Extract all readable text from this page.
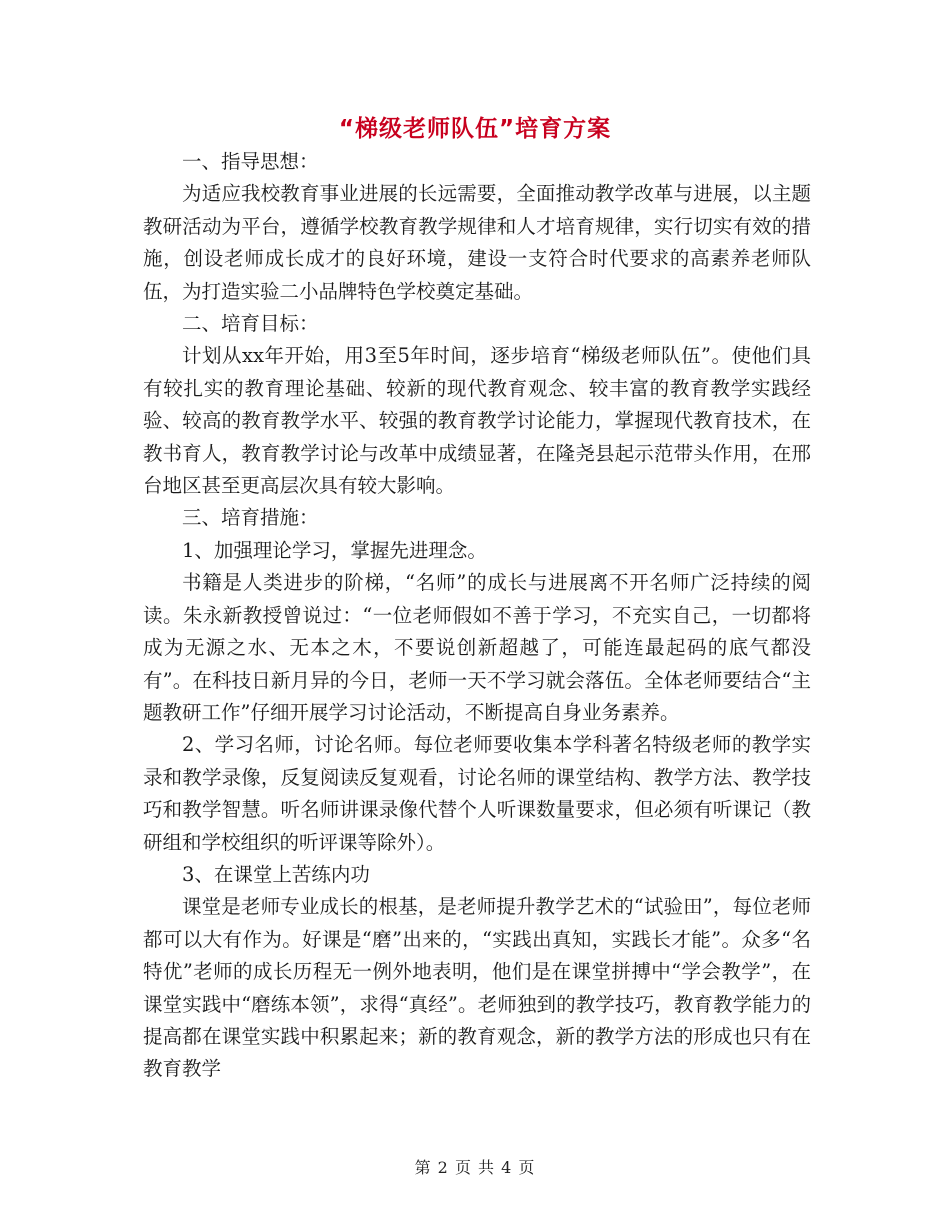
“梯级老师队伍”培育方案

一、指导思想：

为适应我校教育事业进展的长远需要，全面推动教学改革与进展，以主题教研活动为平台，遵循学校教育教学规律和人才培育规律，实行切实有效的措施，创设老师成长成才的良好环境，建设一支符合时代要求的高素养老师队伍，为打造实验二小品牌特色学校奠定基础。

二、培育目标：

计划从xx年开始，用3至5年时间，逐步培育“梯级老师队伍”。使他们具有较扎实的教育理论基础、较新的现代教育观念、较丰富的教育教学实践经验、较高的教育教学水平、较强的教育教学讨论能力，掌握现代教育技术，在教书育人，教育教学讨论与改革中成绩显著，在隆尧县起示范带头作用，在邢台地区甚至更高层次具有较大影响。

三、培育措施：

1、加强理论学习，掌握先进理念。

书籍是人类进步的阶梯，“名师”的成长与进展离不开名师广泛持续的阅读。朱永新教授曾说过：“一位老师假如不善于学习，不充实自己，一切都将成为无源之水、无本之木，不要说创新超越了，可能连最起码的底气都没有”。在科技日新月异的今日，老师一天不学习就会落伍。全体老师要结合“主题教研工作”仔细开展学习讨论活动，不断提高自身业务素养。

2、学习名师，讨论名师。每位老师要收集本学科著名特级老师的教学实录和教学录像，反复阅读反复观看，讨论名师的课堂结构、教学方法、教学技巧和教学智慧。听名师讲课录像代替个人听课数量要求，但必须有听课记（教研组和学校组织的听评课等除外）。

3、在课堂上苦练内功

课堂是老师专业成长的根基，是老师提升教学艺术的“试验田”，每位老师都可以大有作为。好课是“磨”出来的，“实践出真知，实践长才能”。众多“名特优”老师的成长历程无一例外地表明，他们是在课堂拼搏中“学会教学”，在课堂实践中“磨练本领”，求得“真经”。老师独到的教学技巧，教育教学能力的提高都在课堂实践中积累起来；新的教育观念，新的教学方法的形成也只有在教育教学

第 2 页 共 4 页
